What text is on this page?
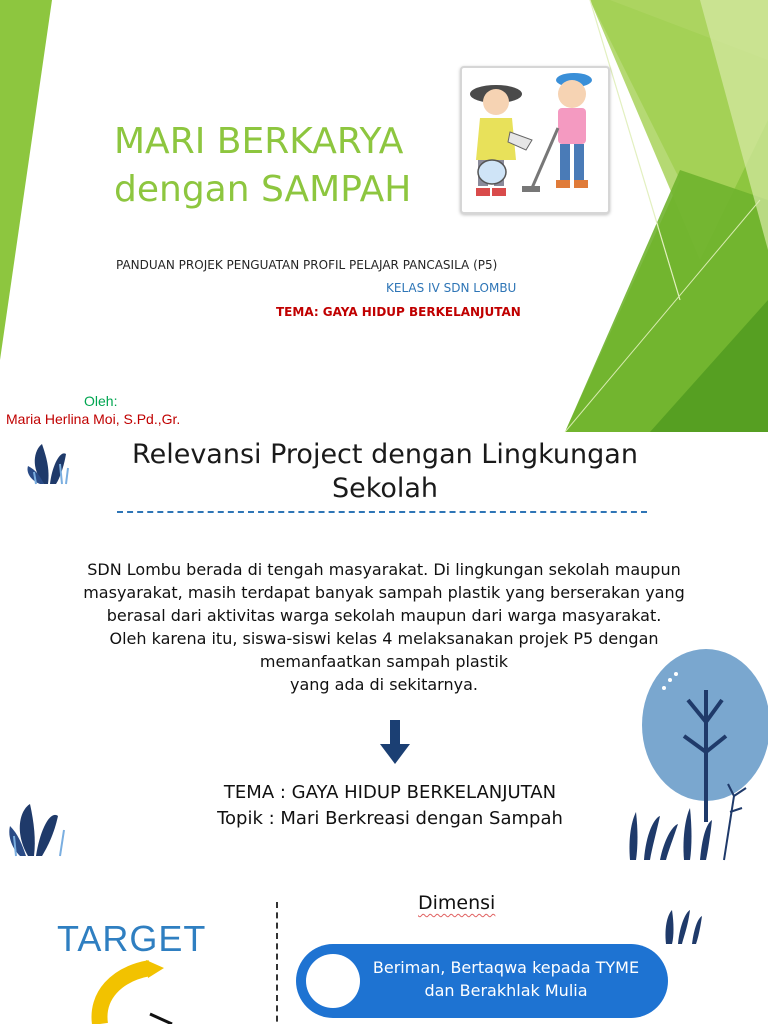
MARI BERKARYA
dengan SAMPAH
PANDUAN PROJEK PENGUATAN PROFIL PELAJAR PANCASILA (P5)
KELAS IV SDN LOMBU
TEMA: GAYA HIDUP BERKELANJUTAN
Oleh:
Maria Herlina Moi, S.Pd.,Gr.
Relevansi Project dengan Lingkungan Sekolah
SDN Lombu berada di tengah masyarakat. Di lingkungan sekolah maupun
masyarakat, masih terdapat banyak sampah plastik yang berserakan yang
berasal dari aktivitas warga sekolah maupun dari warga masyarakat.
Oleh karena itu, siswa-siswi kelas 4 melaksanakan projek P5 dengan
memanfaatkan sampah plastik
yang ada di sekitarnya.
TEMA : GAYA HIDUP BERKELANJUTAN
Topik : Mari Berkreasi dengan Sampah
TARGET
Dimensi
Beriman, Bertaqwa kepada TYME
dan Berakhlak Mulia
